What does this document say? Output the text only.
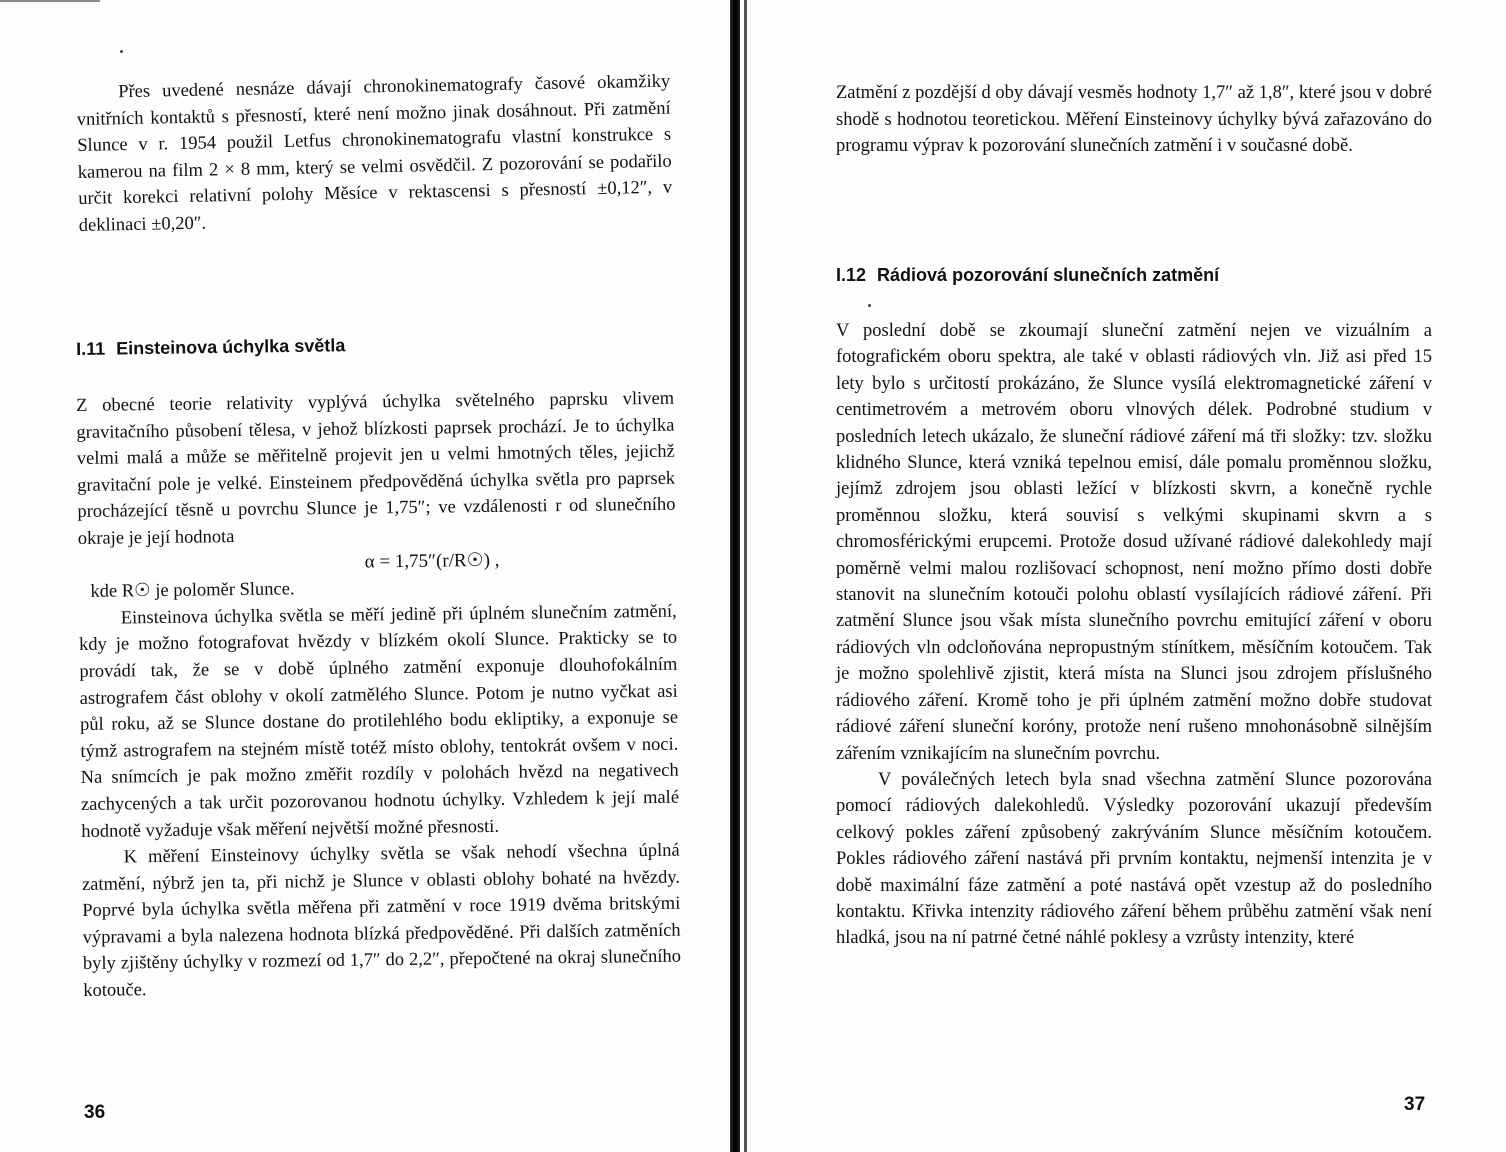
Přes uvedené nesnáze dávají chronokinematografy časové okamžiky vnitřních kontaktů s přesností, které není možno jinak dosáhnout. Při zatmění Slunce v r. 1954 použil Letfus chronokinematografu vlastní konstrukce s kamerou na film 2 × 8 mm, který se velmi osvědčil. Z pozorování se podařilo určit korekci relativní polohy Měsíce v rektascensi s přesností ±0,12″, v deklinaci ±0,20″.

I.11 Einsteinova úchylka světla

Z obecné teorie relativity vyplývá úchylka světelného paprsku vlivem gravitačního působení tělesa, v jehož blízkosti paprsek prochází. Je to úchylka velmi malá a může se měřitelně projevit jen u velmi hmotných těles, jejichž gravitační pole je velké. Einsteinem předpověděná úchylka světla pro paprsek procházející těsně u povrchu Slunce je 1,75″; ve vzdálenosti r od slunečního okraje je její hodnota

α = 1,75″(r/R☉) ,

kde R☉ je poloměr Slunce.

Einsteinova úchylka světla se měří jedině při úplném slunečním zatmění, kdy je možno fotografovat hvězdy v blízkém okolí Slunce. Prakticky se to provádí tak, že se v době úplného zatmění exponuje dlouhofokálním astrografem část oblohy v okolí zatmělého Slunce. Potom je nutno vyčkat asi půl roku, až se Slunce dostane do protilehlého bodu ekliptiky, a exponuje se týmž astrografem na stejném místě totéž místo oblohy, tentokrát ovšem v noci. Na snímcích je pak možno změřit rozdíly v polohách hvězd na negativech zachycených a tak určit pozorovanou hodnotu úchylky. Vzhledem k její malé hodnotě vyžaduje však měření největší možné přesnosti.

K měření Einsteinovy úchylky světla se však nehodí všechna úplná zatmění, nýbrž jen ta, při nichž je Slunce v oblasti oblohy bohaté na hvězdy. Poprvé byla úchylka světla měřena při zatmění v roce 1919 dvěma britskými výpravami a byla nalezena hodnota blízká předpověděné. Při dalších zatměních byly zjištěny úchylky v rozmezí od 1,7″ do 2,2″, přepočtené na okraj slunečního kotouče.

36

Zatmění z pozdější d oby dávají vesměs hodnoty 1,7″ až 1,8″, které jsou v dobré shodě s hodnotou teoretickou. Měření Einsteinovy úchylky bývá zařazováno do programu výprav k pozorování slunečních zatmění i v současné době.

I.12 Rádiová pozorování slunečních zatmění

V poslední době se zkoumají sluneční zatmění nejen ve vizuálním a fotografickém oboru spektra, ale také v oblasti rádiových vln. Již asi před 15 lety bylo s určitostí prokázáno, že Slunce vysílá elektromagnetické záření v centimetrovém a metrovém oboru vlnových délek. Podrobné studium v posledních letech ukázalo, že sluneční rádiové záření má tři složky: tzv. složku klidného Slunce, která vzniká tepelnou emisí, dále pomalu proměnnou složku, jejímž zdrojem jsou oblasti ležící v blízkosti skvrn, a konečně rychle proměnnou složku, která souvisí s velkými skupinami skvrn a s chromosférickými erupcemi. Protože dosud užívané rádiové dalekohledy mají poměrně velmi malou rozlišovací schopnost, není možno přímo dosti dobře stanovit na slunečním kotouči polohu oblastí vysílajících rádiové záření. Při zatmění Slunce jsou však místa slunečního povrchu emitující záření v oboru rádiových vln odcloňována nepropustným stínítkem, měsíčním kotoučem. Tak je možno spolehlivě zjistit, která místa na Slunci jsou zdrojem příslušného rádiového záření. Kromě toho je při úplném zatmění možno dobře studovat rádiové záření sluneční koróny, protože není rušeno mnohonásobně silnějším zářením vznikajícím na slunečním povrchu.

V poválečných letech byla snad všechna zatmění Slunce pozorována pomocí rádiových dalekohledů. Výsledky pozorování ukazují především celkový pokles záření způsobený zakrýváním Slunce měsíčním kotoučem. Pokles rádiového záření nastává při prvním kontaktu, nejmenší intenzita je v době maximální fáze zatmění a poté nastává opět vzestup až do posledního kontaktu. Křivka intenzity rádiového záření během průběhu zatmění však není hladká, jsou na ní patrné četné náhlé poklesy a vzrůsty intenzity, které

37
